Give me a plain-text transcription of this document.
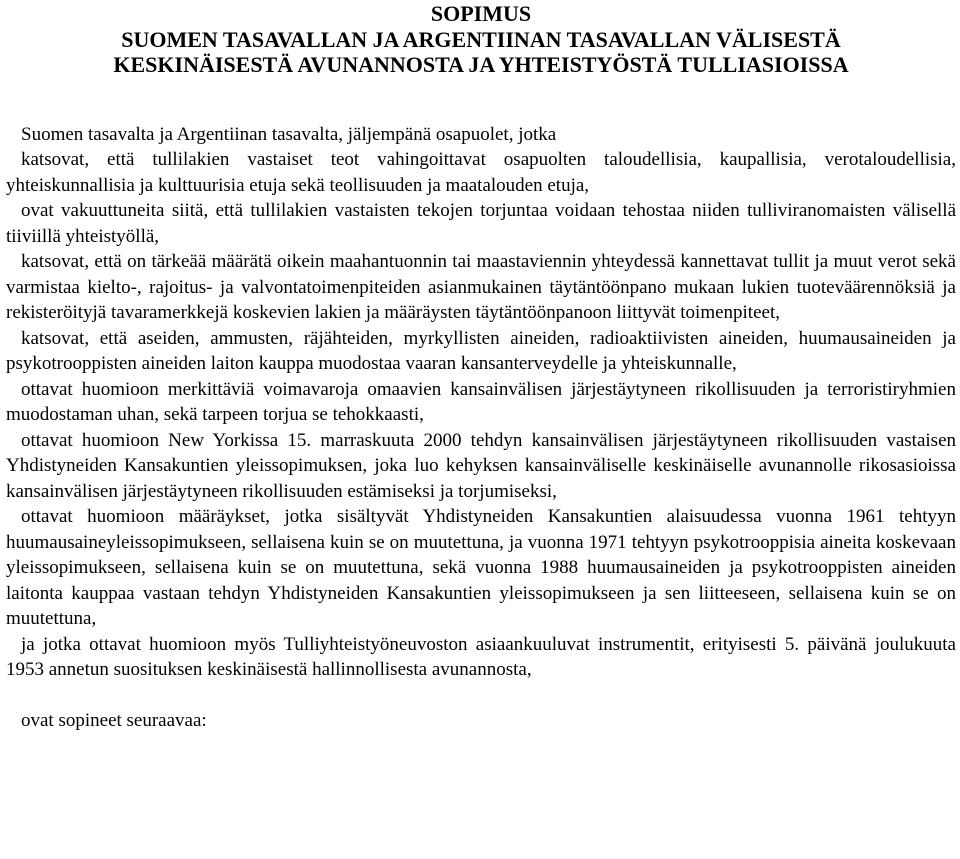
SOPIMUS
SUOMEN TASAVALLAN JA ARGENTIINAN TASAVALLAN VÄLISESTÄ
KESKINÄISESTÄ AVUNANNOSTA JA YHTEISTYÖSTÄ TULLIASIOISSA

Suomen tasavalta ja Argentiinan tasavalta, jäljempänä osapuolet, jotka

katsovat, että tullilakien vastaiset teot vahingoittavat osapuolten taloudellisia, kaupallisia, verotaloudellisia, yhteiskunnallisia ja kulttuurisia etuja sekä teollisuuden ja maatalouden etuja,

ovat vakuuttuneita siitä, että tullilakien vastaisten tekojen torjuntaa voidaan tehostaa niiden tulliviranomaisten välisellä tiiviillä yhteistyöllä,

katsovat, että on tärkeää määrätä oikein maahantuonnin tai maastaviennin yhteydessä kannettavat tullit ja muut verot sekä varmistaa kielto-, rajoitus- ja valvontatoimenpiteiden asianmukainen täytäntöönpano mukaan lukien tuoteväärennöksiä ja rekisteröityjä tavaramerkkejä koskevien lakien ja määräysten täytäntöönpanoon liittyvät toimenpiteet,

katsovat, että aseiden, ammusten, räjähteiden, myrkyllisten aineiden, radioaktiivisten aineiden, huumausaineiden ja psykotrooppisten aineiden laiton kauppa muodostaa vaaran kansanterveydelle ja yhteiskunnalle,

ottavat huomioon merkittäviä voimavaroja omaavien kansainvälisen järjestäytyneen rikollisuuden ja terroristiryhmien muodostaman uhan, sekä tarpeen torjua se tehokkaasti,

ottavat huomioon New Yorkissa 15. marraskuuta 2000 tehdyn kansainvälisen järjestäytyneen rikollisuuden vastaisen Yhdistyneiden Kansakuntien yleissopimuksen, joka luo kehyksen kansainväliselle keskinäiselle avunannolle rikosasioissa kansainvälisen järjestäytyneen rikollisuuden estämiseksi ja torjumiseksi,

ottavat huomioon määräykset, jotka sisältyvät Yhdistyneiden Kansakuntien alaisuudessa vuonna 1961 tehtyyn huumausaineyleissopimukseen, sellaisena kuin se on muutettuna, ja vuonna 1971 tehtyyn psykotrooppisia aineita koskevaan yleissopimukseen, sellaisena kuin se on muutettuna, sekä vuonna 1988 huumausaineiden ja psykotrooppisten aineiden laitonta kauppaa vastaan tehdyn Yhdistyneiden Kansakuntien yleissopimukseen ja sen liitteeseen, sellaisena kuin se on muutettuna,

ja jotka ottavat huomioon myös Tulliyhteistyöneuvoston asiaankuuluvat instrumentit, erityisesti 5. päivänä joulukuuta 1953 annetun suosituksen keskinäisestä hallinnollisesta avunannosta,

ovat sopineet seuraavaa:
